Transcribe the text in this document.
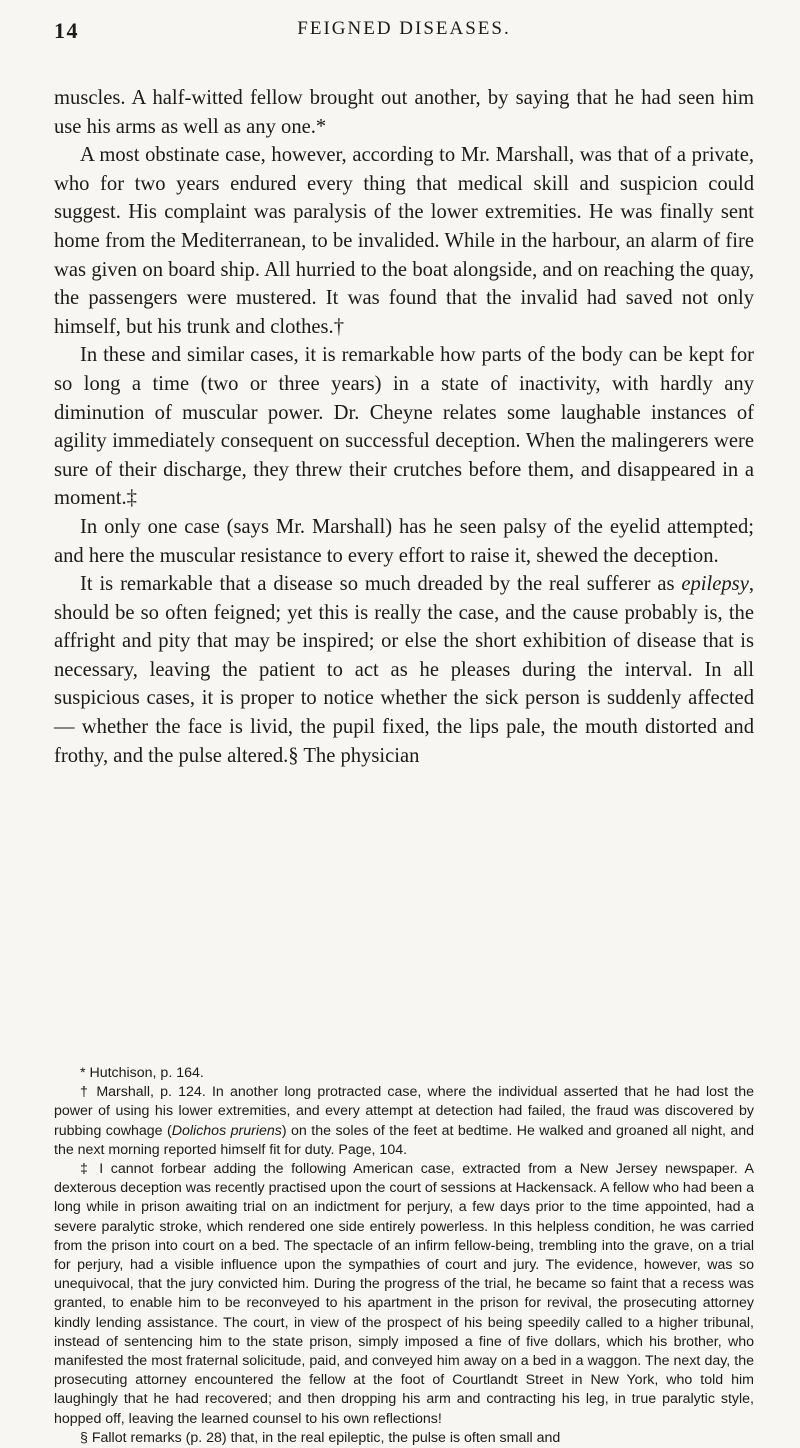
14	FEIGNED DISEASES.

muscles. A half-witted fellow brought out another, by saying that he had seen him use his arms as well as any one.*

A most obstinate case, however, according to Mr. Marshall, was that of a private, who for two years endured every thing that medical skill and suspicion could suggest. His complaint was paralysis of the lower extremities. He was finally sent home from the Mediterranean, to be invalided. While in the harbour, an alarm of fire was given on board ship. All hurried to the boat alongside, and on reaching the quay, the passengers were mustered. It was found that the invalid had saved not only himself, but his trunk and clothes.†

In these and similar cases, it is remarkable how parts of the body can be kept for so long a time (two or three years) in a state of inactivity, with hardly any diminution of muscular power. Dr. Cheyne relates some laughable instances of agility immediately consequent on successful deception. When the malingerers were sure of their discharge, they threw their crutches before them, and disappeared in a moment.‡

In only one case (says Mr. Marshall) has he seen palsy of the eyelid attempted; and here the muscular resistance to every effort to raise it, shewed the deception.

It is remarkable that a disease so much dreaded by the real sufferer as epilepsy, should be so often feigned; yet this is really the case, and the cause probably is, the affright and pity that may be inspired; or else the short exhibition of disease that is necessary, leaving the patient to act as he pleases during the interval. In all suspicious cases, it is proper to notice whether the sick person is suddenly affected — whether the face is livid, the pupil fixed, the lips pale, the mouth distorted and frothy, and the pulse altered.§ The physician

* Hutchison, p. 164.

† Marshall, p. 124. In another long protracted case, where the individual asserted that he had lost the power of using his lower extremities, and every attempt at detection had failed, the fraud was discovered by rubbing cowhage (Dolichos pruriens) on the soles of the feet at bedtime. He walked and groaned all night, and the next morning reported himself fit for duty. Page, 104.

‡ I cannot forbear adding the following American case, extracted from a New Jersey newspaper. A dexterous deception was recently practised upon the court of sessions at Hackensack. A fellow who had been a long while in prison awaiting trial on an indictment for perjury, a few days prior to the time appointed, had a severe paralytic stroke, which rendered one side entirely powerless. In this helpless condition, he was carried from the prison into court on a bed. The spectacle of an infirm fellow-being, trembling into the grave, on a trial for perjury, had a visible influence upon the sympathies of court and jury. The evidence, however, was so unequivocal, that the jury convicted him. During the progress of the trial, he became so faint that a recess was granted, to enable him to be reconveyed to his apartment in the prison for revival, the prosecuting attorney kindly lending assistance. The court, in view of the prospect of his being speedily called to a higher tribunal, instead of sentencing him to the state prison, simply imposed a fine of five dollars, which his brother, who manifested the most fraternal solicitude, paid, and conveyed him away on a bed in a waggon. The next day, the prosecuting attorney encountered the fellow at the foot of Courtlandt Street in New York, who told him laughingly that he had recovered; and then dropping his arm and contracting his leg, in true paralytic style, hopped off, leaving the learned counsel to his own reflections!

§ Fallot remarks (p. 28) that, in the real epileptic, the pulse is often small and
